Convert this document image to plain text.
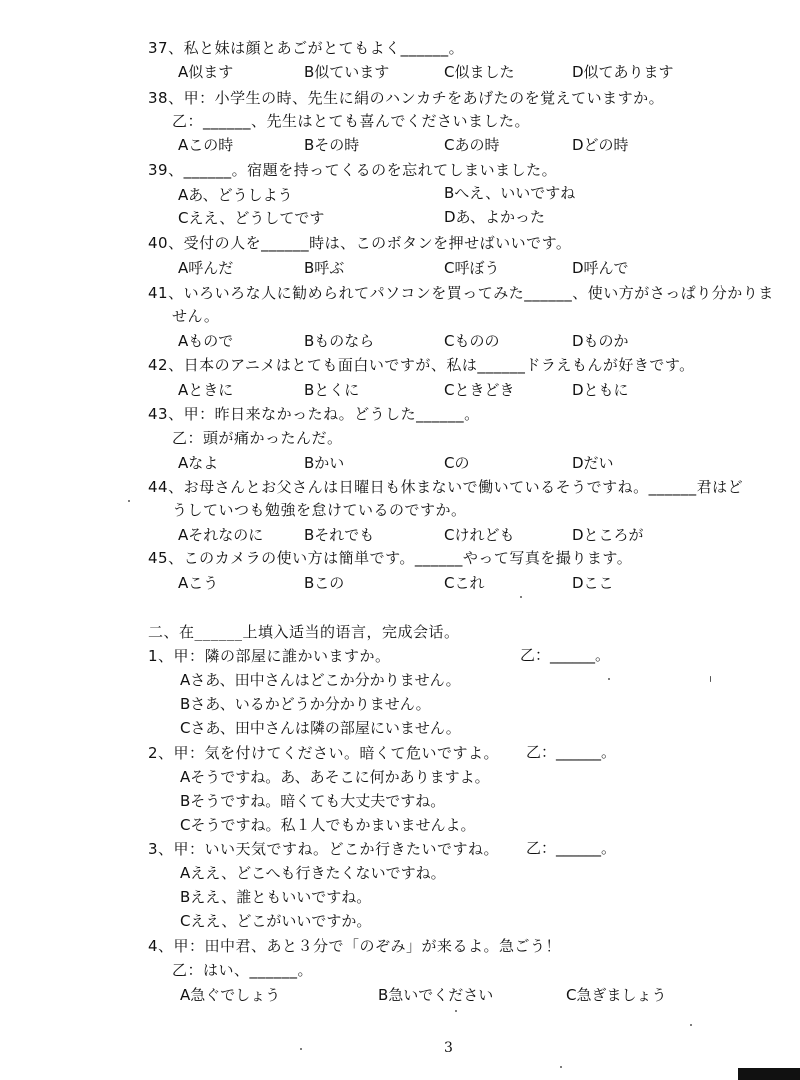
37、私と妹は顔とあごがとてもよく______。
A似ます	B似ています	C似ました	D似てあります
38、甲：小学生の時、先生に絹のハンカチをあげたのを覚えていますか。
乙：______、先生はとても喜んでくださいました。
Aこの時	Bその時	Cあの時	Dどの時
39、______。宿題を持ってくるのを忘れてしまいました。
Aあ、どうしよう	Bへえ、いいですね
Cええ、どうしてです	Dあ、よかった
40、受付の人を______時は、このボタンを押せばいいです。
A呼んだ	B呼ぶ	C呼ぼう	D呼んで
41、いろいろな人に勧められてパソコンを買ってみた______、使い方がさっぱり分かりま
せん。
Aもので	Bものなら	Cものの	Dものか
42、日本のアニメはとても面白いですが、私は______ドラえもんが好きです。
Aときに	Bとくに	Cときどき	Dともに
43、甲：昨日来なかったね。どうした______。
乙：頭が痛かったんだ。
Aなよ	Bかい	Cの	Dだい
44、お母さんとお父さんは日曜日も休まないで働いているそうですね。______君はど
うしていつも勉強を怠けているのですか。
Aそれなのに	Bそれでも	Cけれども	Dところが
45、このカメラの使い方は簡単です。______やって写真を撮ります。
Aこう	Bこの	Cこれ	Dここ
二、在______上填入适当的语言，完成会话。
1、甲：隣の部屋に誰かいますか。	乙：______。
Aさあ、田中さんはどこか分かりません。
Bさあ、いるかどうか分かりません。
Cさあ、田中さんは隣の部屋にいません。
2、甲：気を付けてください。暗くて危いですよ。 乙：______。
Aそうですね。あ、あそこに何かありますよ。
Bそうですね。暗くても大丈夫ですね。
Cそうですね。私１人でもかまいませんよ。
3、甲：いい天気ですね。どこか行きたいですね。 乙：______。
Aええ、どこへも行きたくないですね。
Bええ、誰ともいいですね。
Cええ、どこがいいですか。
4、甲：田中君、あと３分で「のぞみ」が来るよ。急ごう！
乙：はい、______。
A急ぐでしょう	B急いでください	C急ぎましょう
3
